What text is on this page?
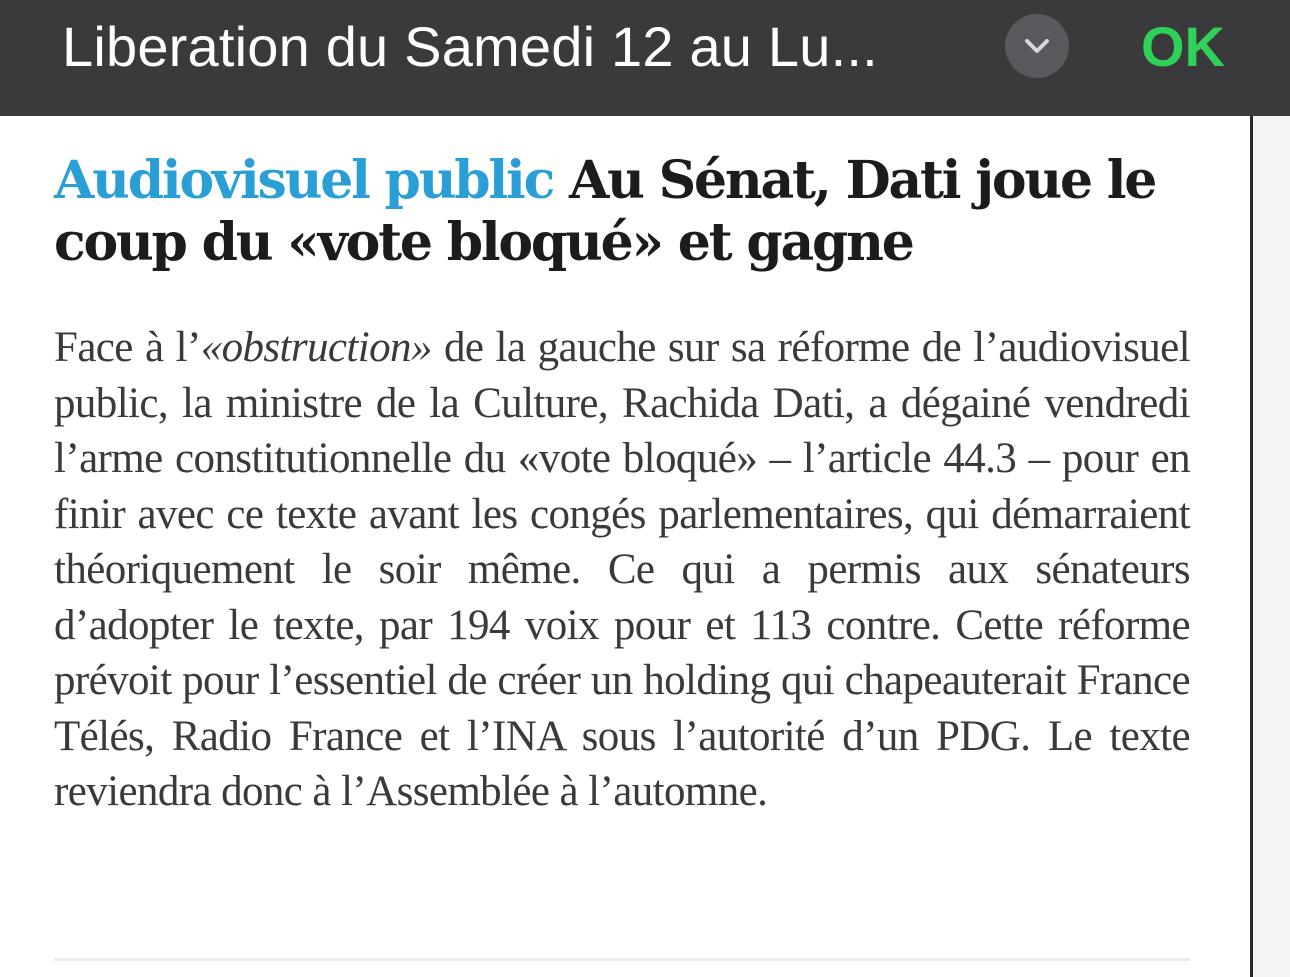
Liberation du Samedi 12 au Lu...	OK
Audiovisuel public Au Sénat, Dati joue le coup du «vote bloqué» et gagne

Face à l’«obstruction» de la gauche sur sa réforme de l’audiovisuel public, la ministre de la Culture, Rachida Dati, a dégainé vendredi l’arme constitutionnelle du «vote bloqué» – l’article 44.3 – pour en finir avec ce texte avant les congés parlementaires, qui démarraient théoriquement le soir même. Ce qui a permis aux sénateurs d’adopter le texte, par 194 voix pour et 113 contre. Cette réforme prévoit pour l’essentiel de créer un holding qui chapeauterait France Télés, Radio France et l’INA sous l’autorité d’un PDG. Le texte reviendra donc à l’Assemblée à l’automne.
